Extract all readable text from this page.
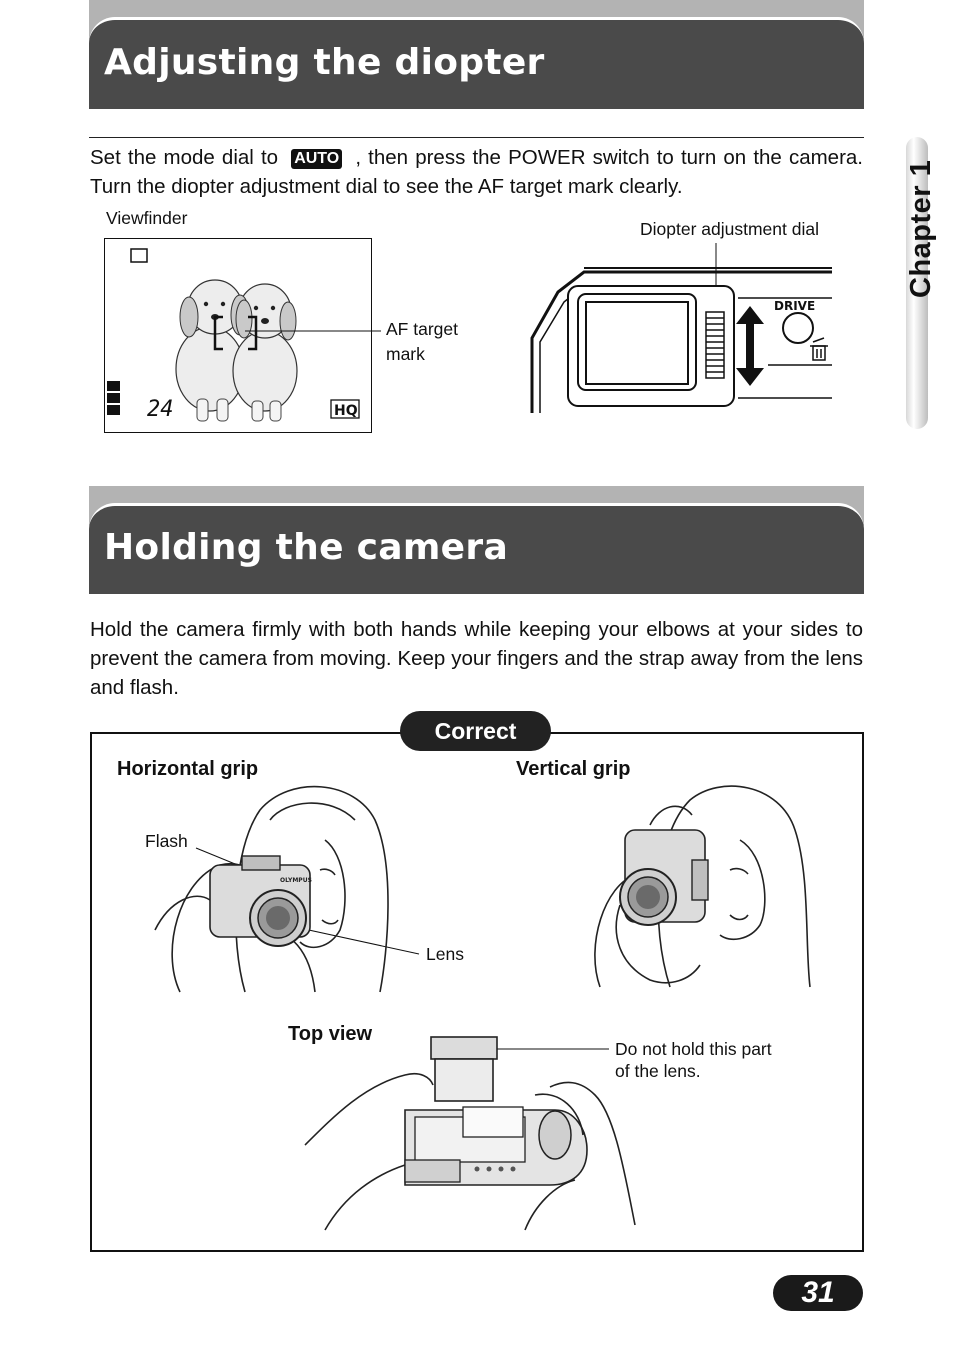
Adjusting the diopter
Set the mode dial to AUTO , then press the POWER switch to turn on the camera. Turn the diopter adjustment dial to see the AF target mark clearly.	Chapter 1
Viewfinder
24	HQ
AF target
mark
Diopter adjustment dial
DRIVE
Holding the camera
Hold the camera firmly with both hands while keeping your elbows at your sides to prevent the camera from moving. Keep your fingers and the strap away from the lens and flash.
Correct
Horizontal grip	Vertical grip
OLYMPUS
Flash
Lens
Top view
Do not hold this part
of the lens.
31
